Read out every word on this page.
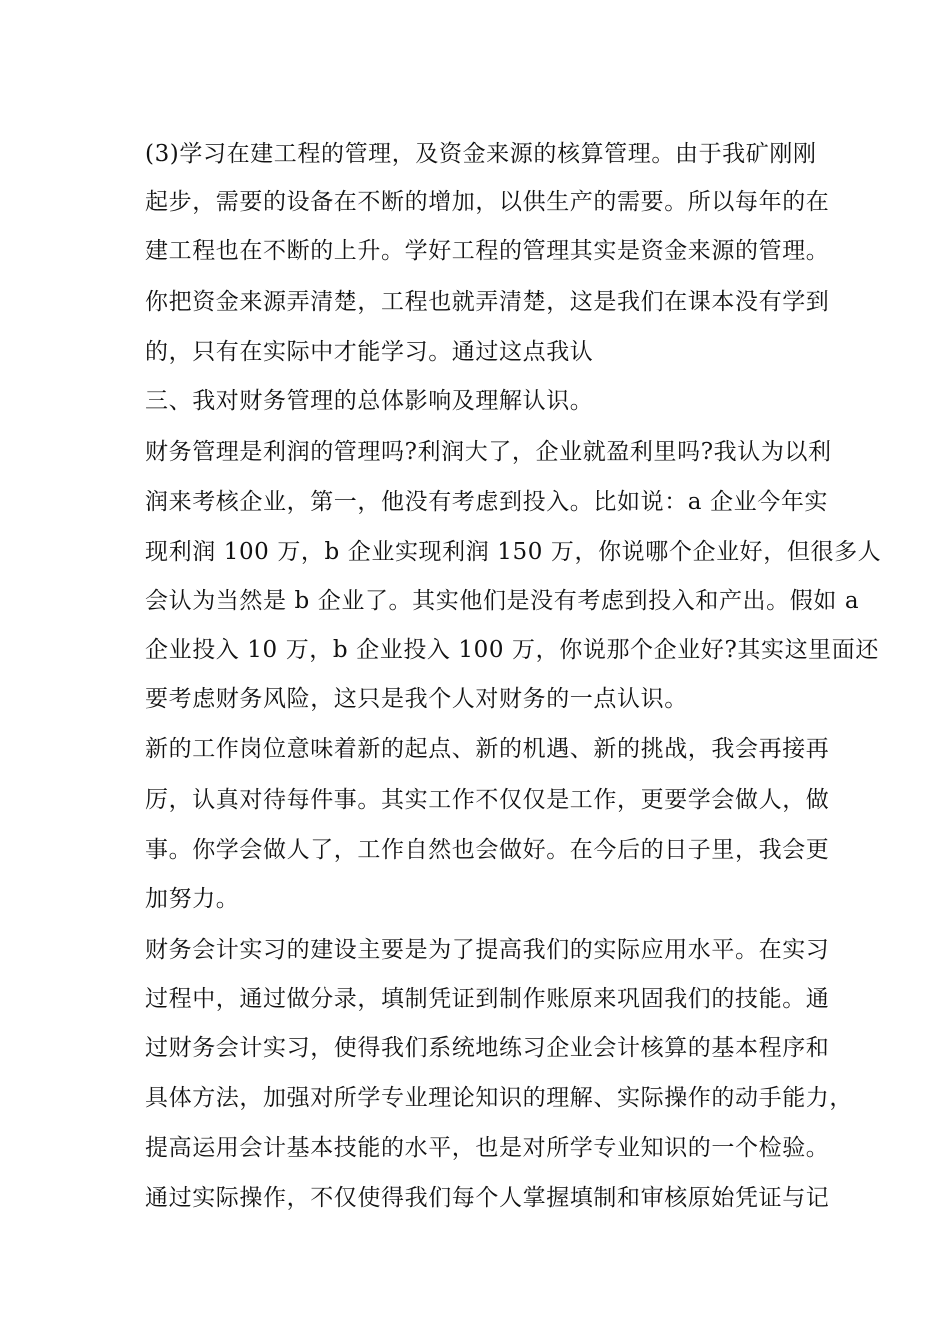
(3)学习在建工程的管理，及资金来源的核算管理。由于我矿刚刚
起步，需要的设备在不断的增加，以供生产的需要。所以每年的在
建工程也在不断的上升。学好工程的管理其实是资金来源的管理。
你把资金来源弄清楚，工程也就弄清楚，这是我们在课本没有学到
的，只有在实际中才能学习。通过这点我认
三、我对财务管理的总体影响及理解认识。
财务管理是利润的管理吗?利润大了，企业就盈利里吗?我认为以利
润来考核企业，第一，他没有考虑到投入。比如说：a 企业今年实
现利润 100 万，b 企业实现利润 150 万，你说哪个企业好，但很多人
会认为当然是 b 企业了。其实他们是没有考虑到投入和产出。假如 a
企业投入 10 万，b 企业投入 100 万，你说那个企业好?其实这里面还
要考虑财务风险，这只是我个人对财务的一点认识。
新的工作岗位意味着新的起点、新的机遇、新的挑战，我会再接再
厉，认真对待每件事。其实工作不仅仅是工作，更要学会做人，做
事。你学会做人了，工作自然也会做好。在今后的日子里，我会更
加努力。
财务会计实习的建设主要是为了提高我们的实际应用水平。在实习
过程中，通过做分录，填制凭证到制作账原来巩固我们的技能。通
过财务会计实习，使得我们系统地练习企业会计核算的基本程序和
具体方法，加强对所学专业理论知识的理解、实际操作的动手能力，
提高运用会计基本技能的水平，也是对所学专业知识的一个检验。
通过实际操作，不仅使得我们每个人掌握填制和审核原始凭证与记
